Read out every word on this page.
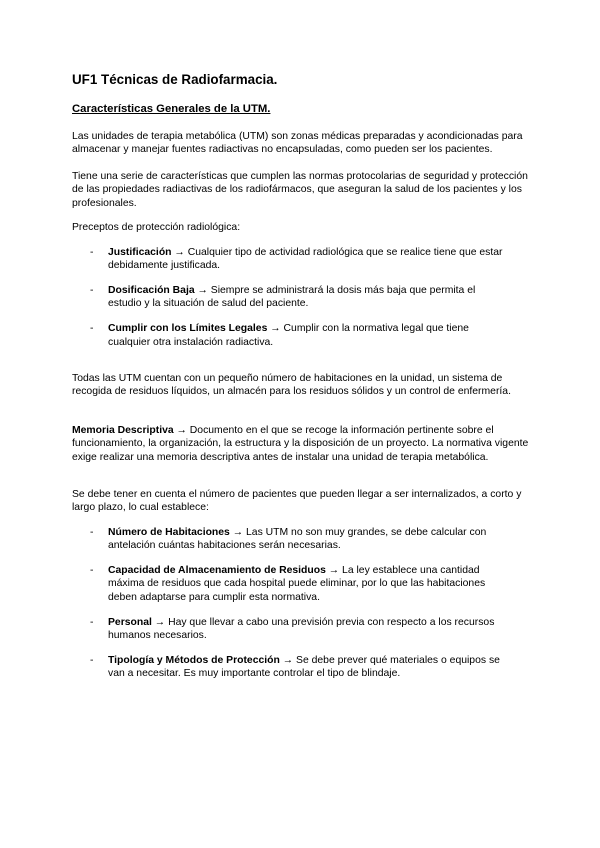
UF1 Técnicas de Radiofarmacia.
Características Generales de la UTM.

Las unidades de terapia metabólica (UTM) son zonas médicas preparadas y acondicionadas para almacenar y manejar fuentes radiactivas no encapsuladas, como pueden ser los pacientes.

Tiene una serie de características que cumplen las normas protocolarias de seguridad y protección de las propiedades radiactivas de los radiofármacos, que aseguran la salud de los pacientes y los profesionales.

Preceptos de protección radiológica:

- Justificación → Cualquier tipo de actividad radiológica que se realice tiene que estar debidamente justificada.
- Dosificación Baja → Siempre se administrará la dosis más baja que permita el estudio y la situación de salud del paciente.
- Cumplir con los Límites Legales → Cumplir con la normativa legal que tiene cualquier otra instalación radiactiva.

Todas las UTM cuentan con un pequeño número de habitaciones en la unidad, un sistema de recogida de residuos líquidos, un almacén para los residuos sólidos y un control de enfermería.

Memoria Descriptiva → Documento en el que se recoge la información pertinente sobre el funcionamiento, la organización, la estructura y la disposición de un proyecto. La normativa vigente exige realizar una memoria descriptiva antes de instalar una unidad de terapia metabólica.

Se debe tener en cuenta el número de pacientes que pueden llegar a ser internalizados, a corto y largo plazo, lo cual establece:

- Número de Habitaciones → Las UTM no son muy grandes, se debe calcular con antelación cuántas habitaciones serán necesarias.
- Capacidad de Almacenamiento de Residuos → La ley establece una cantidad máxima de residuos que cada hospital puede eliminar, por lo que las habitaciones deben adaptarse para cumplir esta normativa.
- Personal → Hay que llevar a cabo una previsión previa con respecto a los recursos humanos necesarios.
- Tipología y Métodos de Protección → Se debe prever qué materiales o equipos se van a necesitar. Es muy importante controlar el tipo de blindaje.
